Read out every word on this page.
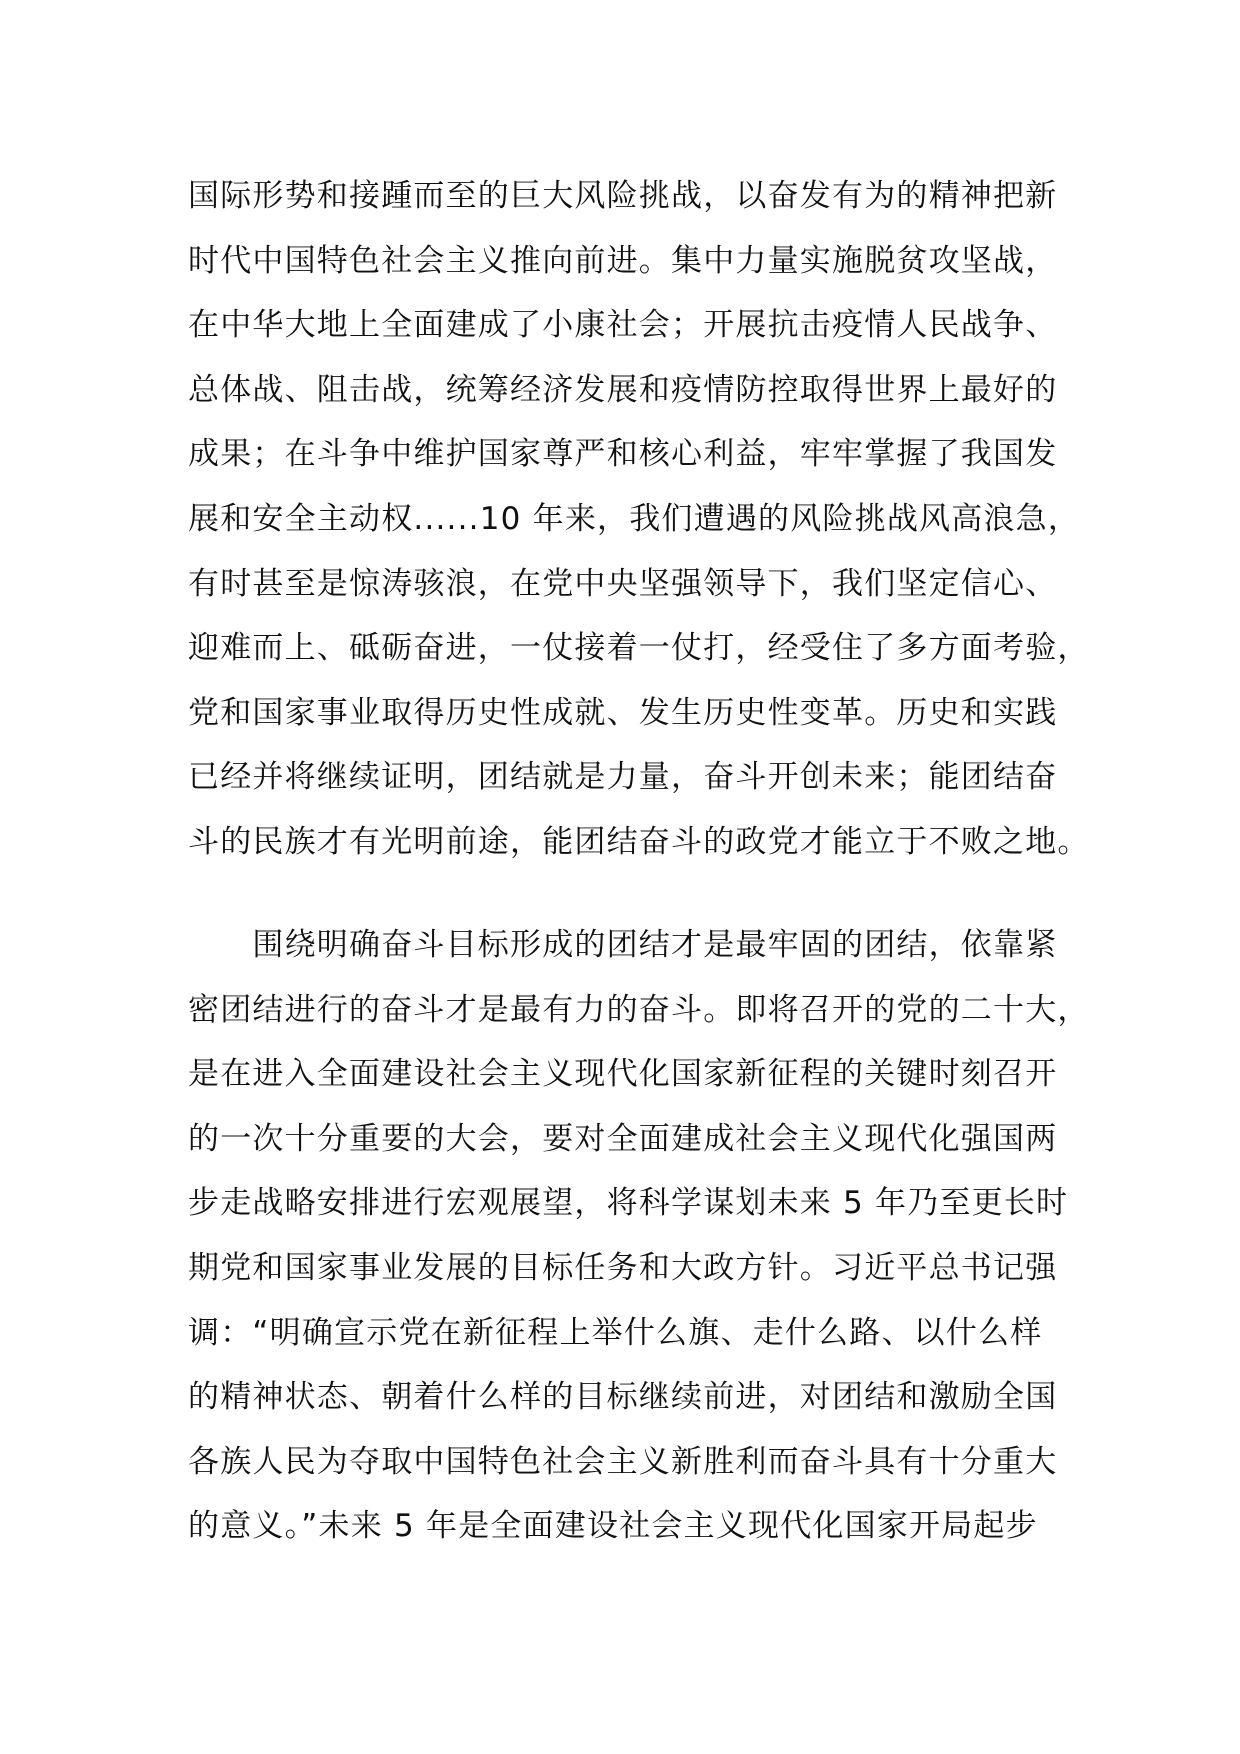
国际形势和接踵而至的巨大风险挑战，以奋发有为的精神把新
时代中国特色社会主义推向前进。集中力量实施脱贫攻坚战，
在中华大地上全面建成了小康社会；开展抗击疫情人民战争、
总体战、阻击战，统筹经济发展和疫情防控取得世界上最好的
成果；在斗争中维护国家尊严和核心利益，牢牢掌握了我国发
展和安全主动权......10 年来，我们遭遇的风险挑战风高浪急，
有时甚至是惊涛骇浪，在党中央坚强领导下，我们坚定信心、
迎难而上、砥砺奋进，一仗接着一仗打，经受住了多方面考验，
党和国家事业取得历史性成就、发生历史性变革。历史和实践
已经并将继续证明，团结就是力量，奋斗开创未来；能团结奋
斗的民族才有光明前途，能团结奋斗的政党才能立于不败之地。
　　围绕明确奋斗目标形成的团结才是最牢固的团结，依靠紧
密团结进行的奋斗才是最有力的奋斗。即将召开的党的二十大，
是在进入全面建设社会主义现代化国家新征程的关键时刻召开
的一次十分重要的大会，要对全面建成社会主义现代化强国两
步走战略安排进行宏观展望，将科学谋划未来 5 年乃至更长时
期党和国家事业发展的目标任务和大政方针。习近平总书记强
调：“明确宣示党在新征程上举什么旗、走什么路、以什么样
的精神状态、朝着什么样的目标继续前进，对团结和激励全国
各族人民为夺取中国特色社会主义新胜利而奋斗具有十分重大
的意义。”未来 5 年是全面建设社会主义现代化国家开局起步
